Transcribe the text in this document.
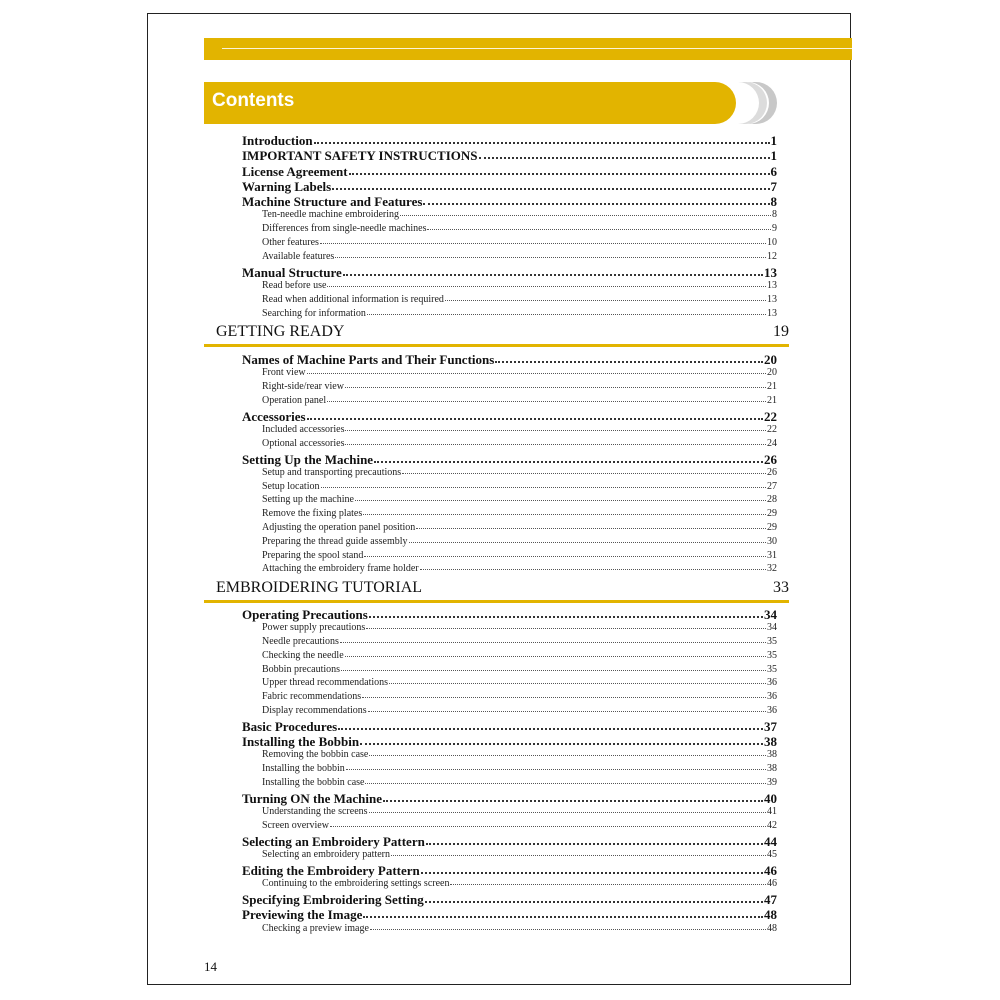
Contents
Introduction	1
IMPORTANT SAFETY INSTRUCTIONS	1
License Agreement	6
Warning Labels	7
Machine Structure and Features	8
Ten-needle machine embroidering	8
Differences from single-needle machines	9
Other features	10
Available features	12
Manual Structure	13
Read before use	13
Read when additional information is required	13
Searching for information	13
GETTING READY	19
Names of Machine Parts and Their Functions	20
Front view	20
Right-side/rear view	21
Operation panel	21
Accessories	22
Included accessories	22
Optional accessories	24
Setting Up the Machine	26
Setup and transporting precautions	26
Setup location	27
Setting up the machine	28
Remove the fixing plates	29
Adjusting the operation panel position	29
Preparing the thread guide assembly	30
Preparing the spool stand	31
Attaching the embroidery frame holder	32
EMBROIDERING TUTORIAL	33
Operating Precautions	34
Power supply precautions	34
Needle precautions	35
Checking the needle	35
Bobbin precautions	35
Upper thread recommendations	36
Fabric recommendations	36
Display recommendations	36
Basic Procedures	37
Installing the Bobbin	38
Removing the bobbin case	38
Installing the bobbin	38
Installing the bobbin case	39
Turning ON the Machine	40
Understanding the screens	41
Screen overview	42
Selecting an Embroidery Pattern	44
Selecting an embroidery pattern	45
Editing the Embroidery Pattern	46
Continuing to the embroidering settings screen	46
Specifying Embroidering Setting	47
Previewing the Image	48
Checking a preview image	48
14
